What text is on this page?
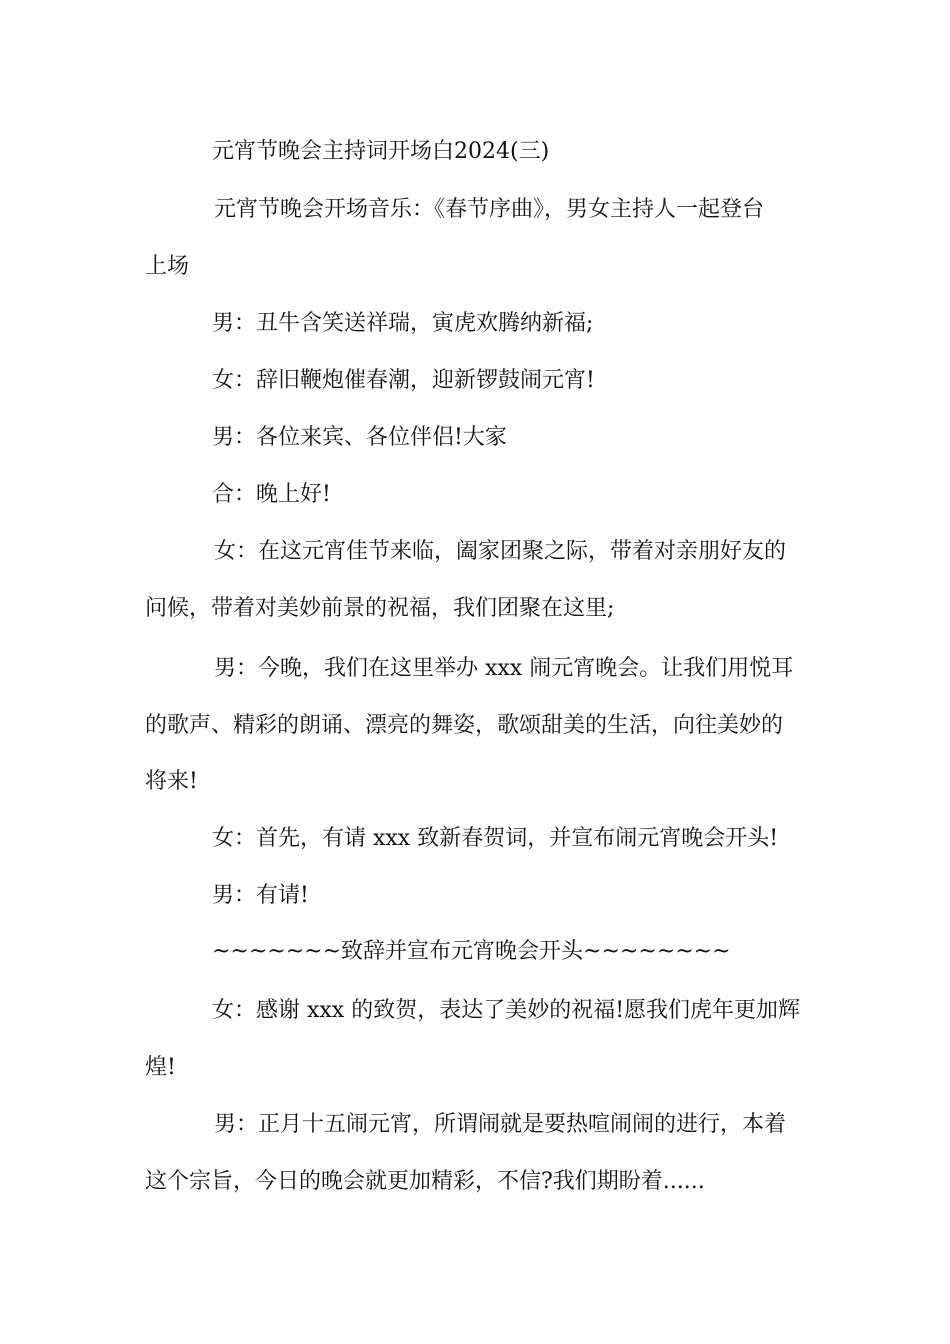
元宵节晚会主持词开场白2024(三)
元宵节晚会开场音乐：《春节序曲》，男女主持人一起登台
上场
男：丑牛含笑送祥瑞，寅虎欢腾纳新福;
女：辞旧鞭炮催春潮，迎新锣鼓闹元宵!
男：各位来宾、各位伴侣!大家
合：晚上好!
女：在这元宵佳节来临，阖家团聚之际，带着对亲朋好友的
问候，带着对美妙前景的祝福，我们团聚在这里;
男：今晚，我们在这里举办 xxx 闹元宵晚会。让我们用悦耳
的歌声、精彩的朗诵、漂亮的舞姿，歌颂甜美的生活，向往美妙的
将来!
女：首先，有请 xxx 致新春贺词，并宣布闹元宵晚会开头!
男：有请!
~~~~~~~致辞并宣布元宵晚会开头~~~~~~~~
女：感谢 xxx 的致贺，表达了美妙的祝福!愿我们虎年更加辉
煌!
男：正月十五闹元宵，所谓闹就是要热喧闹闹的进行，本着
这个宗旨，今日的晚会就更加精彩，不信?我们期盼着......
